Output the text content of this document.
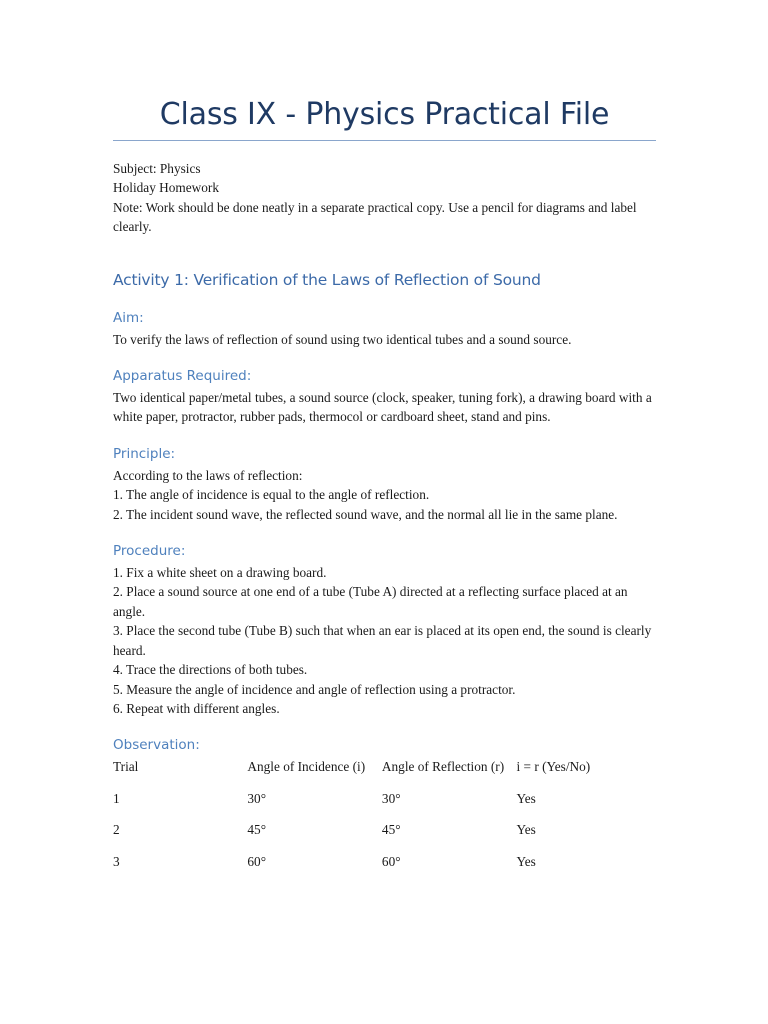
Class IX - Physics Practical File

Subject: Physics

Holiday Homework

Note: Work should be done neatly in a separate practical copy. Use a pencil for diagrams and label clearly.

Activity 1: Verification of the Laws of Reflection of Sound
Aim:

To verify the laws of reflection of sound using two identical tubes and a sound source.

Apparatus Required:

Two identical paper/metal tubes, a sound source (clock, speaker, tuning fork), a drawing board with a white paper, protractor, rubber pads, thermocol or cardboard sheet, stand and pins.

Principle:

According to the laws of reflection:

1. The angle of incidence is equal to the angle of reflection.

2. The incident sound wave, the reflected sound wave, and the normal all lie in the same plane.

Procedure:

1. Fix a white sheet on a drawing board.

2. Place a sound source at one end of a tube (Tube A) directed at a reflecting surface placed at an angle.

3. Place the second tube (Tube B) such that when an ear is placed at its open end, the sound is clearly heard.

4. Trace the directions of both tubes.

5. Measure the angle of incidence and angle of reflection using a protractor.

6. Repeat with different angles.

Observation:
Trial	Angle of Incidence (i)	Angle of Reflection (r)	i = r (Yes/No)
1	30°	30°	Yes
2	45°	45°	Yes
3	60°	60°	Yes
